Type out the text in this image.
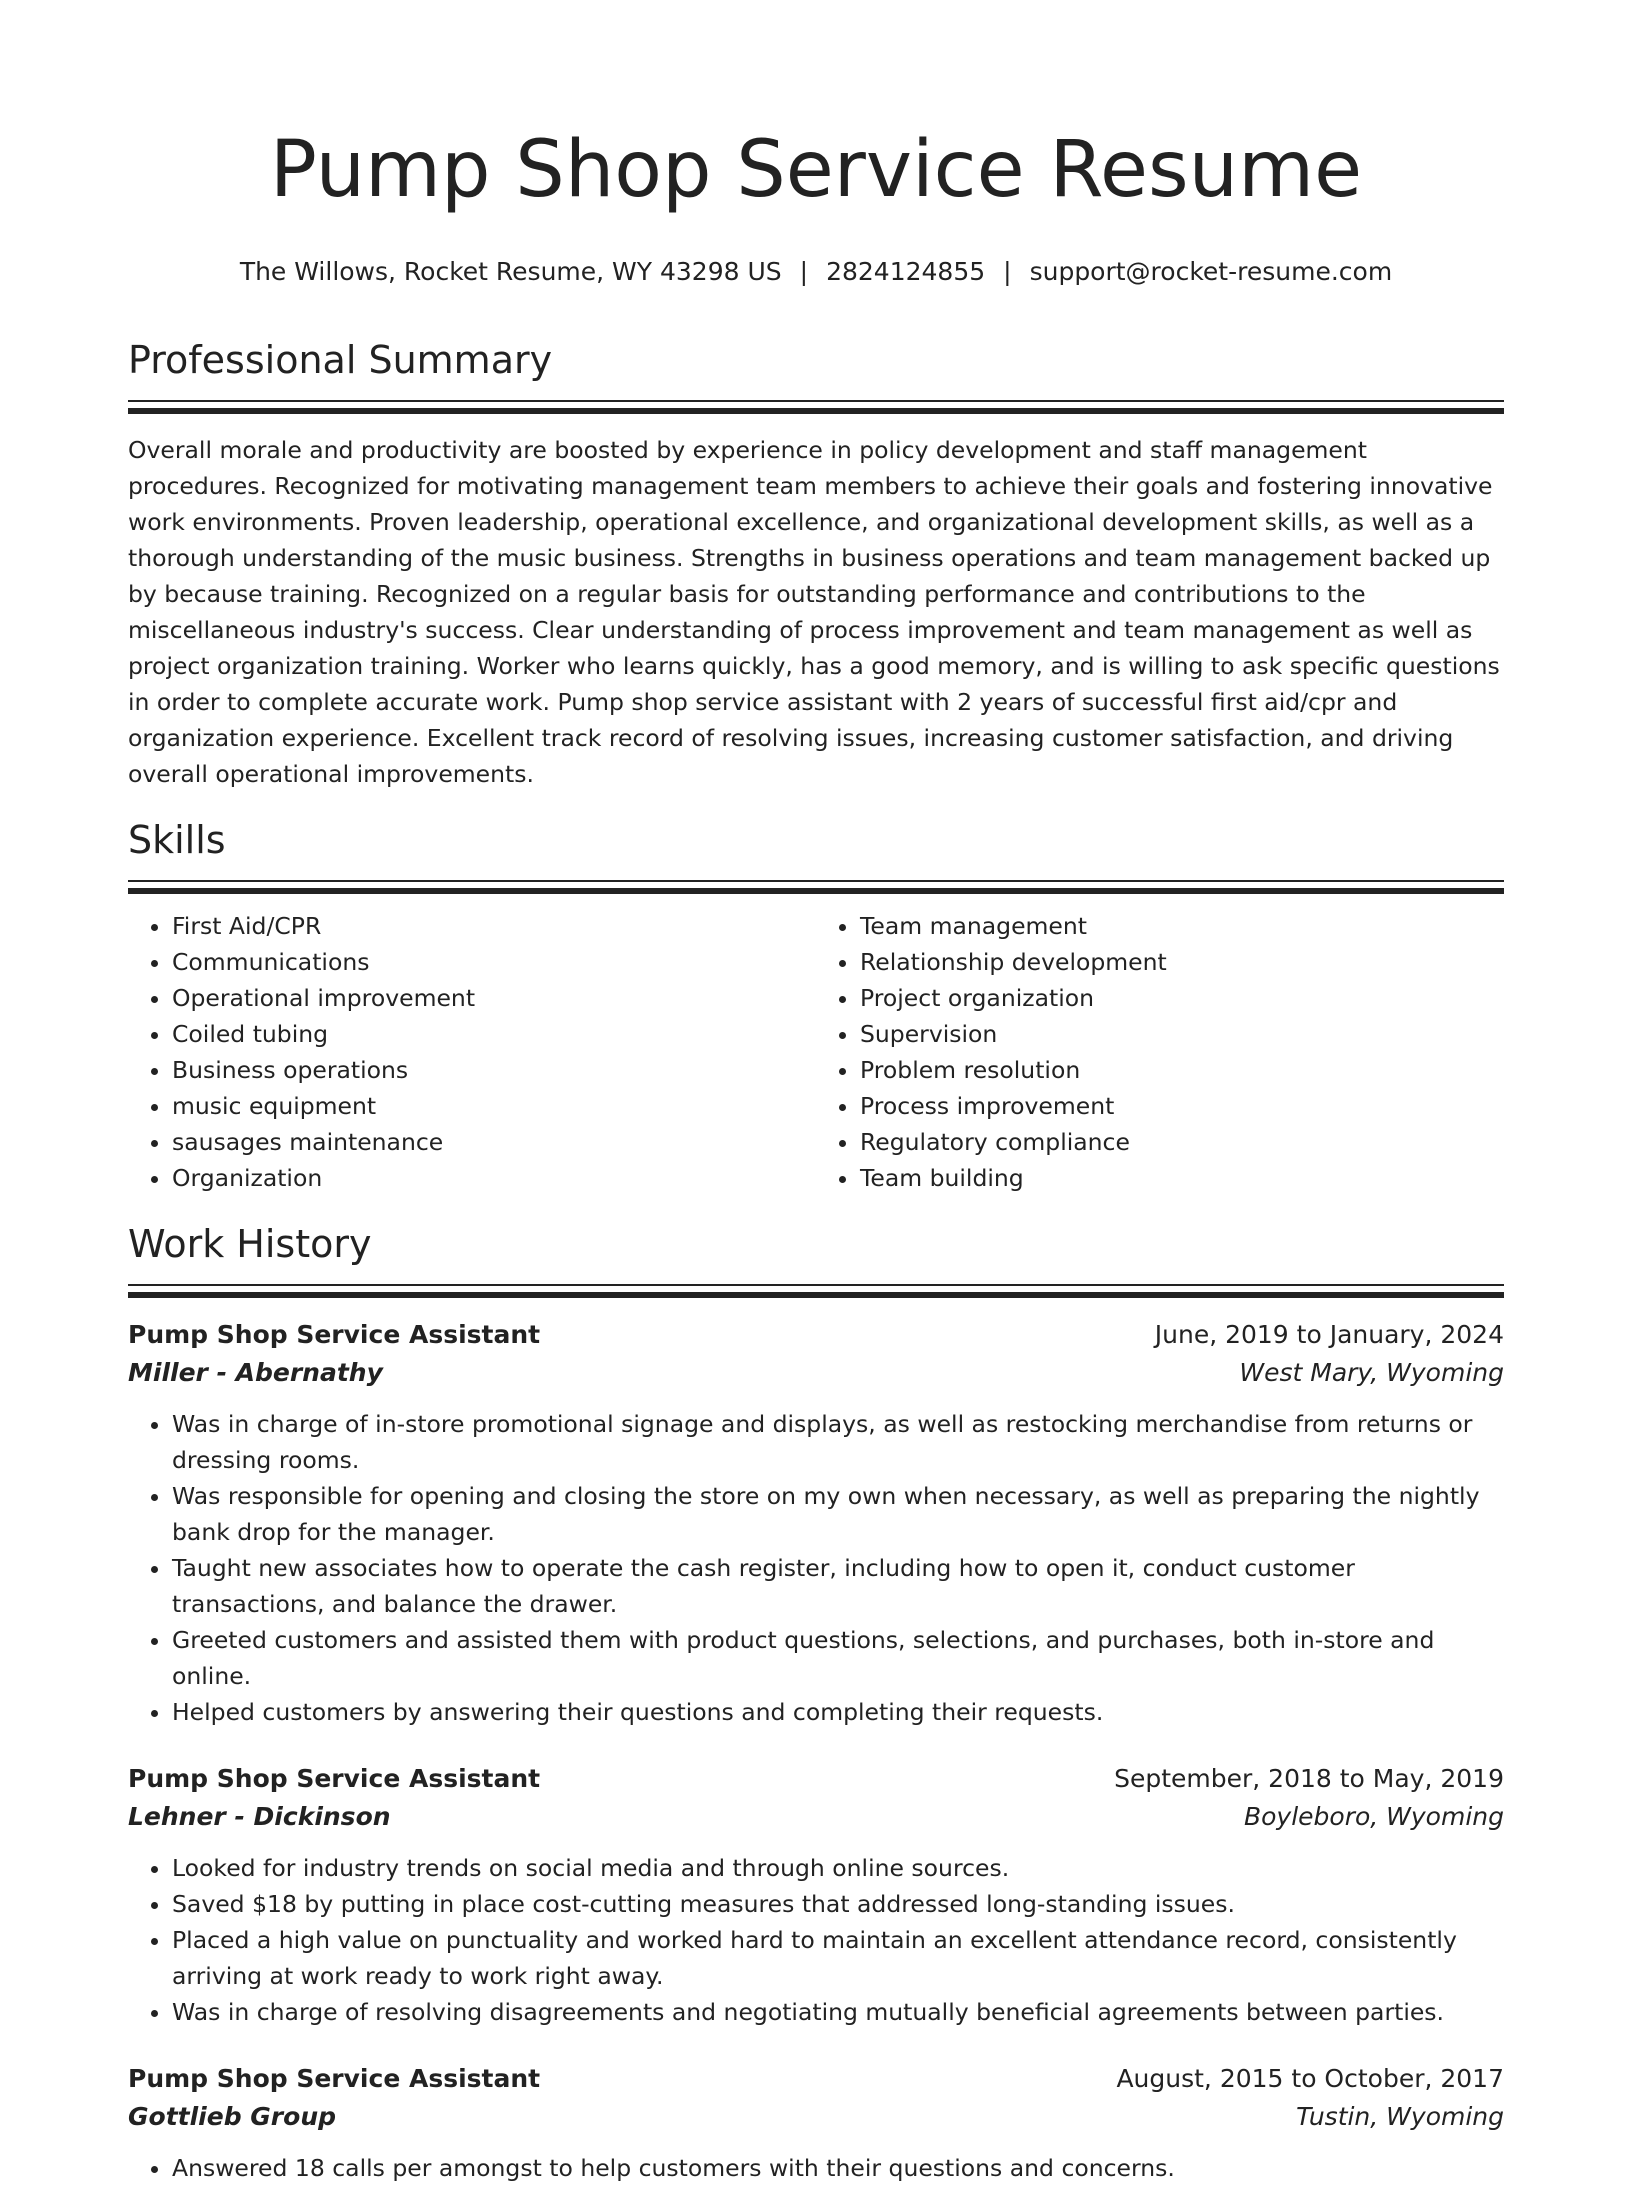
Pump Shop Service Resume
The Willows, Rocket Resume, WY 43298 US | 2824124855 | support@rocket-resume.com
Professional Summary

Overall morale and productivity are boosted by experience in policy development and staff management procedures. Recognized for motivating management team members to achieve their goals and fostering innovative work environments. Proven leadership, operational excellence, and organizational development skills, as well as a thorough understanding of the music business. Strengths in business operations and team management backed up by because training. Recognized on a regular basis for outstanding performance and contributions to the miscellaneous industry's success. Clear understanding of process improvement and team management as well as project organization training. Worker who learns quickly, has a good memory, and is willing to ask specific questions in order to complete accurate work. Pump shop service assistant with 2 years of successful first aid/cpr and organization experience. Excellent track record of resolving issues, increasing customer satisfaction, and driving overall operational improvements.

Skills
• First Aid/CPR
• Communications
• Operational improvement
• Coiled tubing
• Business operations
• music equipment
• sausages maintenance
• Organization
• Team management
• Relationship development
• Project organization
• Supervision
• Problem resolution
• Process improvement
• Regulatory compliance
• Team building
Work History
Pump Shop Service Assistant	June, 2019 to January, 2024
Miller - Abernathy	West Mary, Wyoming
• Was in charge of in-store promotional signage and displays, as well as restocking merchandise from returns or dressing rooms.
• Was responsible for opening and closing the store on my own when necessary, as well as preparing the nightly bank drop for the manager.
• Taught new associates how to operate the cash register, including how to open it, conduct customer transactions, and balance the drawer.
• Greeted customers and assisted them with product questions, selections, and purchases, both in-store and online.
• Helped customers by answering their questions and completing their requests.
Pump Shop Service Assistant	September, 2018 to May, 2019
Lehner - Dickinson	Boyleboro, Wyoming
• Looked for industry trends on social media and through online sources.
• Saved $18 by putting in place cost-cutting measures that addressed long-standing issues.
• Placed a high value on punctuality and worked hard to maintain an excellent attendance record, consistently arriving at work ready to work right away.
• Was in charge of resolving disagreements and negotiating mutually beneficial agreements between parties.
Pump Shop Service Assistant	August, 2015 to October, 2017
Gottlieb Group	Tustin, Wyoming
• Answered 18 calls per amongst to help customers with their questions and concerns.
